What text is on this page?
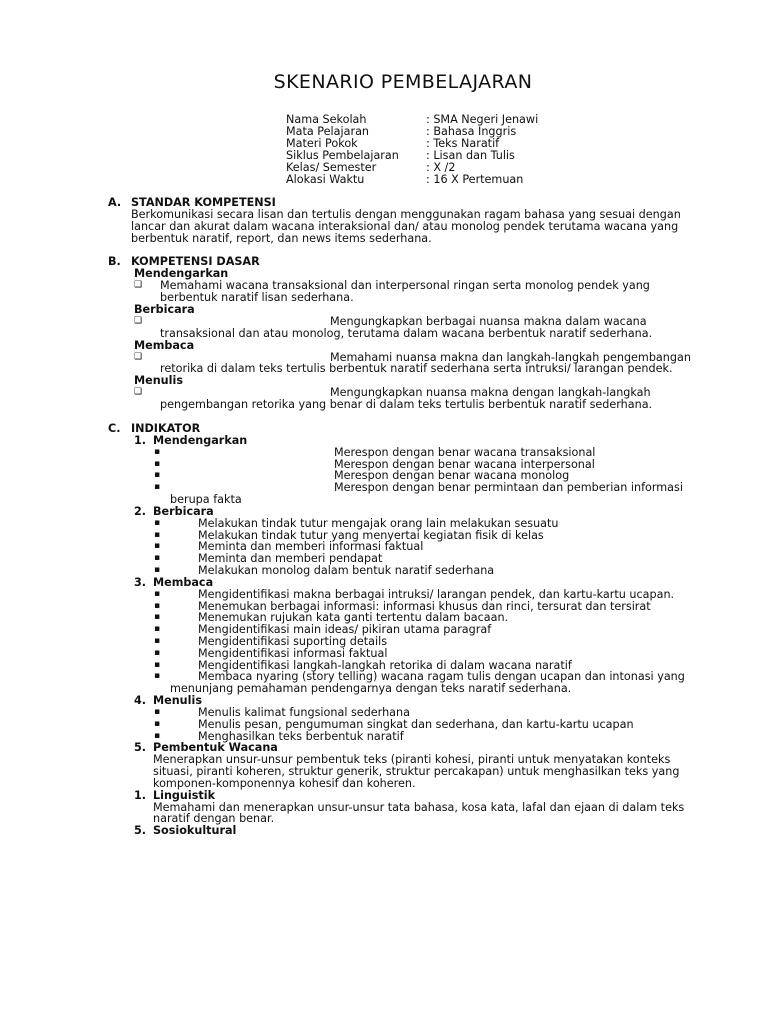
SKENARIO PEMBELAJARAN
Nama Sekolah	: SMA Negeri Jenawi
Mata Pelajaran	: Bahasa Inggris
Materi Pokok	: Teks Naratif
Siklus Pembelajaran	: Lisan dan Tulis
Kelas/ Semester	: X /2
Alokasi Waktu	: 16 X Pertemuan
A. STANDAR KOMPETENSI
Berkomunikasi secara lisan dan tertulis dengan menggunakan ragam bahasa yang sesuai dengan lancar dan akurat dalam wacana interaksional dan/ atau monolog pendek terutama wacana yang berbentuk naratif, report, dan news items sederhana.
B. KOMPETENSI DASAR
Mendengarkan
❑ Memahami wacana transaksional dan interpersonal ringan serta monolog pendek yang berbentuk naratif lisan sederhana.
Berbicara
❑	Mengungkapkan berbagai nuansa makna dalam wacana transaksional dan atau monolog, terutama dalam wacana berbentuk naratif sederhana.
Membaca
❑	Memahami nuansa makna dan langkah-langkah pengembangan retorika di dalam teks tertulis berbentuk naratif sederhana serta intruksi/ larangan pendek.
Menulis
❑	Mengungkapkan nuansa makna dengan langkah-langkah pengembangan retorika yang benar di dalam teks tertulis berbentuk naratif sederhana.
C. INDIKATOR
1. Mendengarkan
▪	Merespon dengan benar wacana transaksional
▪	Merespon dengan benar wacana interpersonal
▪	Merespon dengan benar wacana monolog
▪	Merespon dengan benar permintaan dan pemberian informasi berupa fakta
2. Berbicara
▪	Melakukan tindak tutur mengajak orang lain melakukan sesuatu
▪	Melakukan tindak tutur yang menyertai kegiatan fisik di kelas
▪	Meminta dan memberi informasi faktual
▪	Meminta dan memberi pendapat
▪	Melakukan monolog dalam bentuk naratif sederhana
3. Membaca
▪	Mengidentifikasi makna berbagai intruksi/ larangan pendek, dan kartu-kartu ucapan.
▪	Menemukan berbagai informasi: informasi khusus dan rinci, tersurat dan tersirat
▪	Menemukan rujukan kata ganti tertentu dalam bacaan.
▪	Mengidentifikasi main ideas/ pikiran utama paragraf
▪	Mengidentifikasi suporting details
▪	Mengidentifikasi informasi faktual
▪	Mengidentifikasi langkah-langkah retorika di dalam wacana naratif
▪	Membaca nyaring (story telling) wacana ragam tulis dengan ucapan dan intonasi yang menunjang pemahaman pendengarnya dengan teks naratif sederhana.
4. Menulis
▪	Menulis kalimat fungsional sederhana
▪	Menulis pesan, pengumuman singkat dan sederhana, dan kartu-kartu ucapan
▪	Menghasilkan teks berbentuk naratif
5. Pembentuk Wacana
Menerapkan unsur-unsur pembentuk teks (piranti kohesi, piranti untuk menyatakan konteks situasi, piranti koheren, struktur generik, struktur percakapan) untuk menghasilkan teks yang komponen-komponennya kohesif dan koheren.
1. Linguistik
Memahami dan menerapkan unsur-unsur tata bahasa, kosa kata, lafal dan ejaan di dalam teks naratif dengan benar.
5. Sosiokultural
